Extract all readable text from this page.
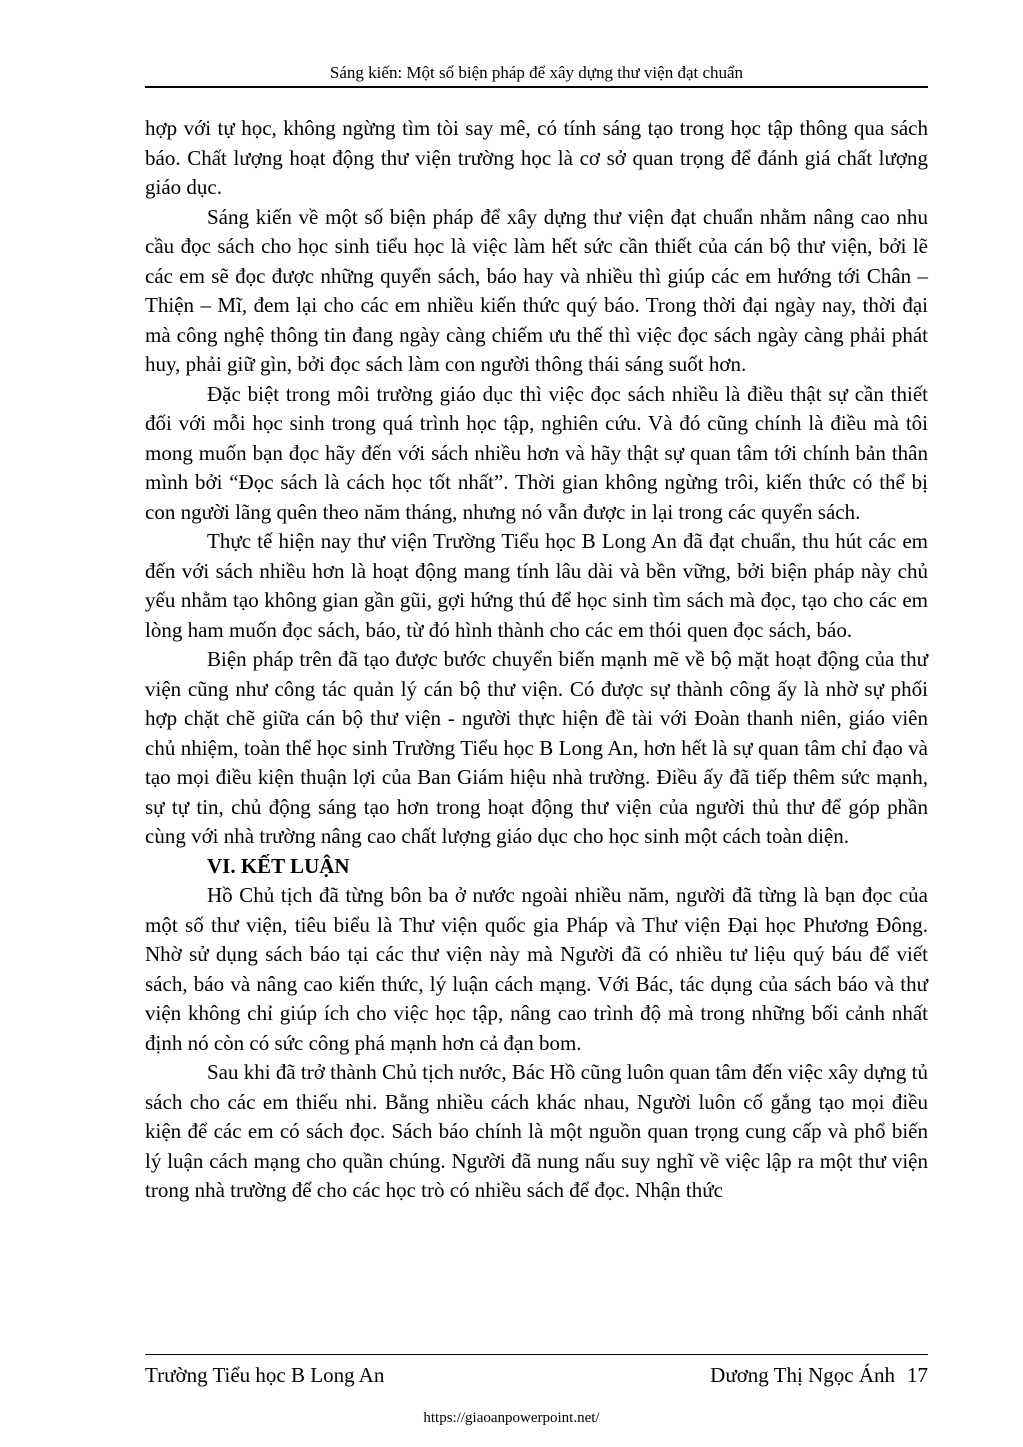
Sáng kiến: Một số biện pháp để xây dựng thư viện đạt chuẩn

hợp với tự học, không ngừng tìm tòi say mê, có tính sáng tạo trong học tập thông qua sách báo. Chất lượng hoạt động thư viện trường học là cơ sở quan trọng để đánh giá chất lượng giáo dục.

Sáng kiến về một số biện pháp để xây dựng thư viện đạt chuẩn nhằm nâng cao nhu cầu đọc sách cho học sinh tiểu học là việc làm hết sức cần thiết của cán bộ thư viện, bởi lẽ các em sẽ đọc được những quyển sách, báo hay và nhiều thì giúp các em hướng tới Chân – Thiện – Mĩ, đem lại cho các em nhiều kiến thức quý báo. Trong thời đại ngày nay, thời đại mà công nghệ thông tin đang ngày càng chiếm ưu thế thì việc đọc sách ngày càng phải phát huy, phải giữ gìn, bởi đọc sách làm con người thông thái sáng suốt hơn.

Đặc biệt trong môi trường giáo dục thì việc đọc sách nhiều là điều thật sự cần thiết đối với mỗi học sinh trong quá trình học tập, nghiên cứu. Và đó cũng chính là điều mà tôi mong muốn bạn đọc hãy đến với sách nhiều hơn và hãy thật sự quan tâm tới chính bản thân mình bởi “Đọc sách là cách học tốt nhất”. Thời gian không ngừng trôi, kiến thức có thể bị con người lãng quên theo năm tháng, nhưng nó vẫn được in lại trong các quyển sách.

Thực tế hiện nay thư viện Trường Tiểu học B Long An đã đạt chuẩn, thu hút các em đến với sách nhiều hơn là hoạt động mang tính lâu dài và bền vững, bởi biện pháp này chủ yếu nhằm tạo không gian gần gũi, gợi hứng thú để học sinh tìm sách mà đọc, tạo cho các em lòng ham muốn đọc sách, báo, từ đó hình thành cho các em thói quen đọc sách, báo.

Biện pháp trên đã tạo được bước chuyển biến mạnh mẽ về bộ mặt hoạt động của thư viện cũng như công tác quản lý cán bộ thư viện. Có được sự thành công ấy là nhờ sự phối hợp chặt chẽ giữa cán bộ thư viện - người thực hiện đề tài với Đoàn thanh niên, giáo viên chủ nhiệm, toàn thể học sinh Trường Tiểu học B Long An, hơn hết là sự quan tâm chỉ đạo và tạo mọi điều kiện thuận lợi của Ban Giám hiệu nhà trường. Điều ấy đã tiếp thêm sức mạnh, sự tự tin, chủ động sáng tạo hơn trong hoạt động thư viện của người thủ thư để góp phần cùng với nhà trường nâng cao chất lượng giáo dục cho học sinh một cách toàn diện.

VI. KẾT LUẬN

Hồ Chủ tịch đã từng bôn ba ở nước ngoài nhiều năm, người đã từng là bạn đọc của một số thư viện, tiêu biểu là Thư viện quốc gia Pháp và Thư viện Đại học Phương Đông. Nhờ sử dụng sách báo tại các thư viện này mà Người đã có nhiều tư liệu quý báu để viết sách, báo và nâng cao kiến thức, lý luận cách mạng. Với Bác, tác dụng của sách báo và thư viện không chỉ giúp ích cho việc học tập, nâng cao trình độ mà trong những bối cảnh nhất định nó còn có sức công phá mạnh hơn cả đạn bom.

Sau khi đã trở thành Chủ tịch nước, Bác Hồ cũng luôn quan tâm đến việc xây dựng tủ sách cho các em thiếu nhi. Bằng nhiều cách khác nhau, Người luôn cố gắng tạo mọi điều kiện để các em có sách đọc. Sách báo chính là một nguồn quan trọng cung cấp và phổ biến lý luận cách mạng cho quần chúng. Người đã nung nấu suy nghĩ về việc lập ra một thư viện trong nhà trường để cho các học trò có nhiều sách để đọc. Nhận thức

Trường Tiểu học B Long An	Dương Thị Ngọc Ánh 17
https://giaoanpowerpoint.net/
